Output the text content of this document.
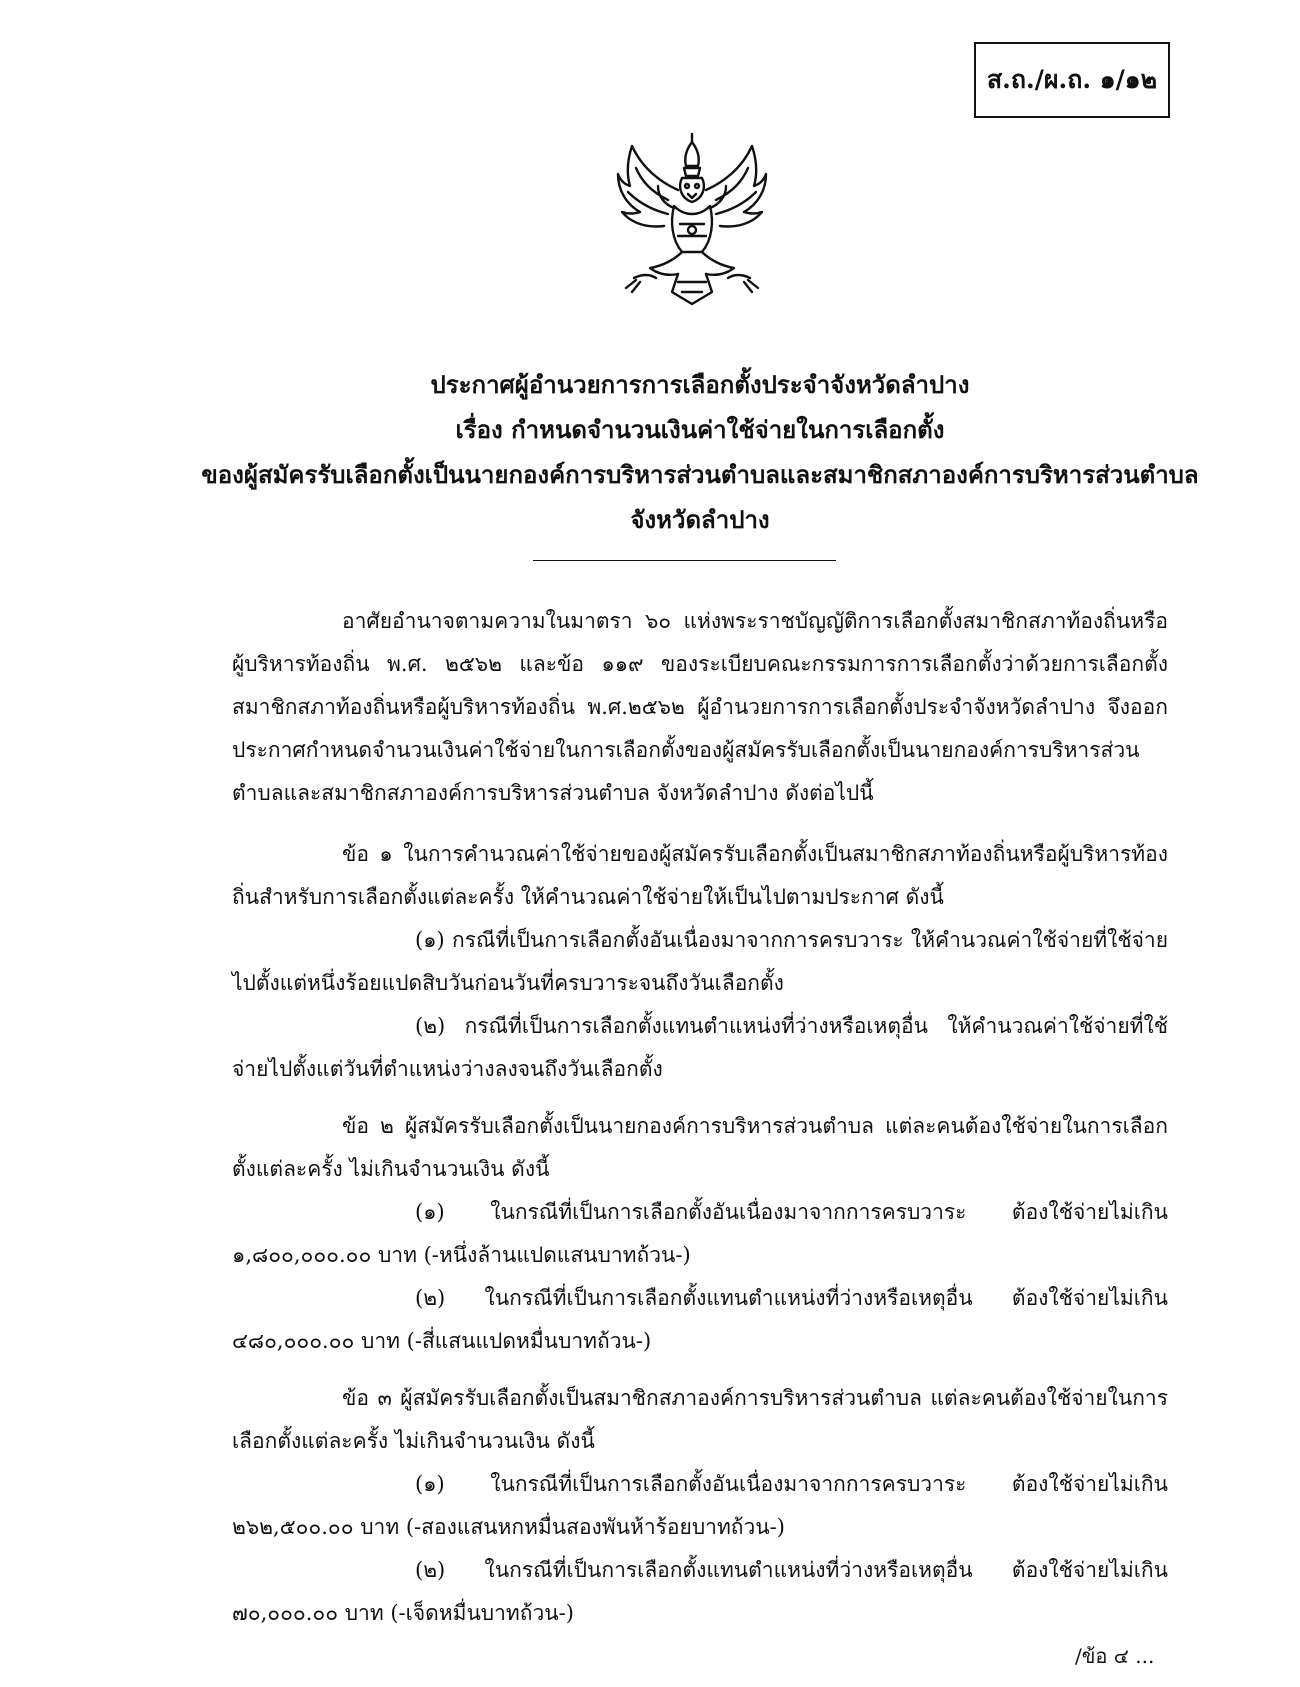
ส.ถ./ผ.ถ. ๑/๑๒
ประกาศผู้อำนวยการการเลือกตั้งประจำจังหวัดลำปาง
เรื่อง กำหนดจำนวนเงินค่าใช้จ่ายในการเลือกตั้ง
ของผู้สมัครรับเลือกตั้งเป็นนายกองค์การบริหารส่วนตำบลและสมาชิกสภาองค์การบริหารส่วนตำบล
จังหวัดลำปาง

อาศัยอำนาจตามความในมาตรา ๖๐ แห่งพระราชบัญญัติการเลือกตั้งสมาชิกสภาท้องถิ่นหรือผู้บริหารท้องถิ่น พ.ศ. ๒๕๖๒ และข้อ ๑๑๙ ของระเบียบคณะกรรมการการเลือกตั้งว่าด้วยการเลือกตั้งสมาชิกสภาท้องถิ่นหรือผู้บริหารท้องถิ่น พ.ศ.๒๕๖๒ ผู้อำนวยการการเลือกตั้งประจำจังหวัดลำปาง จึงออกประกาศกำหนดจำนวนเงินค่าใช้จ่ายในการเลือกตั้งของผู้สมัครรับเลือกตั้งเป็นนายกองค์การบริหารส่วนตำบลและสมาชิกสภาองค์การบริหารส่วนตำบล จังหวัดลำปาง ดังต่อไปนี้

ข้อ ๑ ในการคำนวณค่าใช้จ่ายของผู้สมัครรับเลือกตั้งเป็นสมาชิกสภาท้องถิ่นหรือผู้บริหารท้องถิ่นสำหรับการเลือกตั้งแต่ละครั้ง ให้คำนวณค่าใช้จ่ายให้เป็นไปตามประกาศ ดังนี้

(๑) กรณีที่เป็นการเลือกตั้งอันเนื่องมาจากการครบวาระ ให้คำนวณค่าใช้จ่ายที่ใช้จ่ายไปตั้งแต่หนึ่งร้อยแปดสิบวันก่อนวันที่ครบวาระจนถึงวันเลือกตั้ง

(๒) กรณีที่เป็นการเลือกตั้งแทนตำแหน่งที่ว่างหรือเหตุอื่น ให้คำนวณค่าใช้จ่ายที่ใช้จ่ายไปตั้งแต่วันที่ตำแหน่งว่างลงจนถึงวันเลือกตั้ง

ข้อ ๒ ผู้สมัครรับเลือกตั้งเป็นนายกองค์การบริหารส่วนตำบล แต่ละคนต้องใช้จ่ายในการเลือกตั้งแต่ละครั้ง ไม่เกินจำนวนเงิน ดังนี้

(๑) ในกรณีที่เป็นการเลือกตั้งอันเนื่องมาจากการครบวาระ ต้องใช้จ่ายไม่เกิน ๑,๘๐๐,๐๐๐.๐๐ บาท (-หนึ่งล้านแปดแสนบาทถ้วน-)

(๒) ในกรณีที่เป็นการเลือกตั้งแทนตำแหน่งที่ว่างหรือเหตุอื่น ต้องใช้จ่ายไม่เกิน ๔๘๐,๐๐๐.๐๐ บาท (-สี่แสนแปดหมื่นบาทถ้วน-)

ข้อ ๓ ผู้สมัครรับเลือกตั้งเป็นสมาชิกสภาองค์การบริหารส่วนตำบล แต่ละคนต้องใช้จ่ายในการเลือกตั้งแต่ละครั้ง ไม่เกินจำนวนเงิน ดังนี้

(๑) ในกรณีที่เป็นการเลือกตั้งอันเนื่องมาจากการครบวาระ ต้องใช้จ่ายไม่เกิน ๒๖๒,๕๐๐.๐๐ บาท (-สองแสนหกหมื่นสองพันห้าร้อยบาทถ้วน-)

(๒) ในกรณีที่เป็นการเลือกตั้งแทนตำแหน่งที่ว่างหรือเหตุอื่น ต้องใช้จ่ายไม่เกิน ๗๐,๐๐๐.๐๐ บาท (-เจ็ดหมื่นบาทถ้วน-)

/ข้อ ๔ ...
